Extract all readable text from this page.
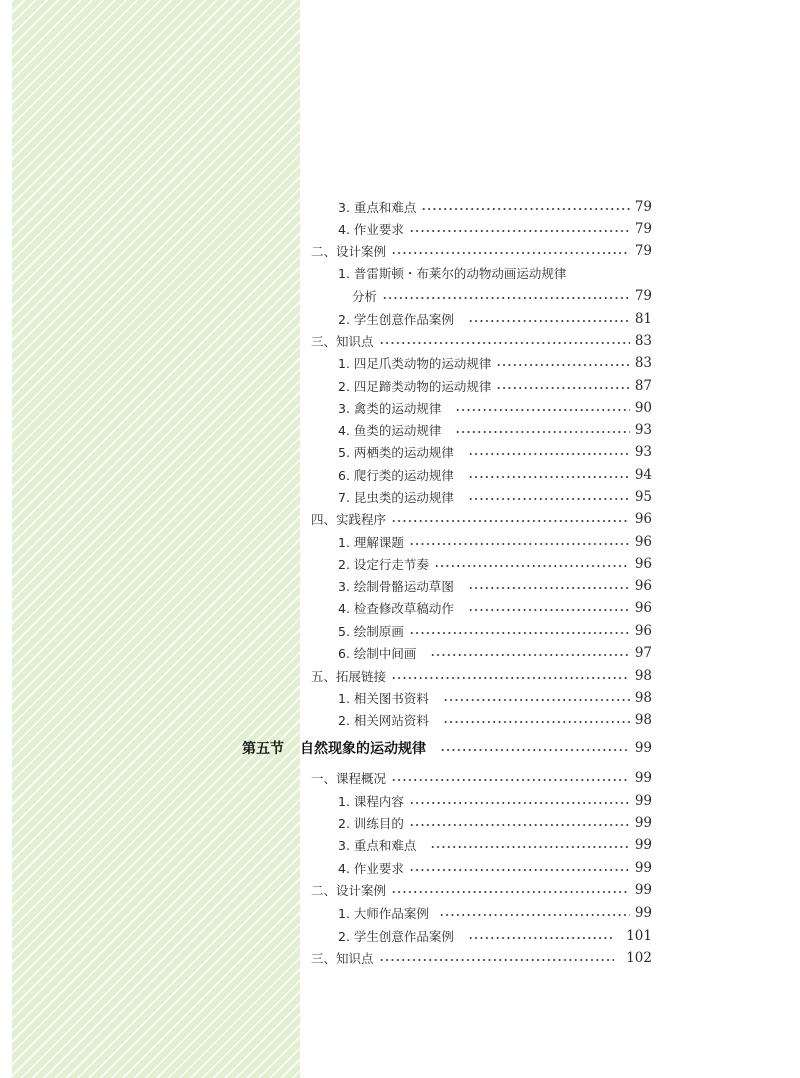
3. 重点和难点	79
4. 作业要求	79
二、设计案例	79
1. 普雷斯顿・布莱尔的动物动画运动规律
分析	79
2. 学生创意作品案例	81
三、知识点	83
1. 四足爪类动物的运动规律	83
2. 四足蹄类动物的运动规律	87
3. 禽类的运动规律	90
4. 鱼类的运动规律	93
5. 两栖类的运动规律	93
6. 爬行类的运动规律	94
7. 昆虫类的运动规律	95
四、实践程序	96
1. 理解课题	96
2. 设定行走节奏	96
3. 绘制骨骼运动草图	96
4. 检查修改草稿动作	96
5. 绘制原画	96
6. 绘制中间画	97
五、拓展链接	98
1. 相关图书资料	98
2. 相关网站资料	98
第五节 自然现象的运动规律	99
一、课程概况	99
1. 课程内容	99
2. 训练目的	99
3. 重点和难点	99
4. 作业要求	99
二、设计案例	99
1. 大师作品案例	99
2. 学生创意作品案例	101
三、知识点	102
